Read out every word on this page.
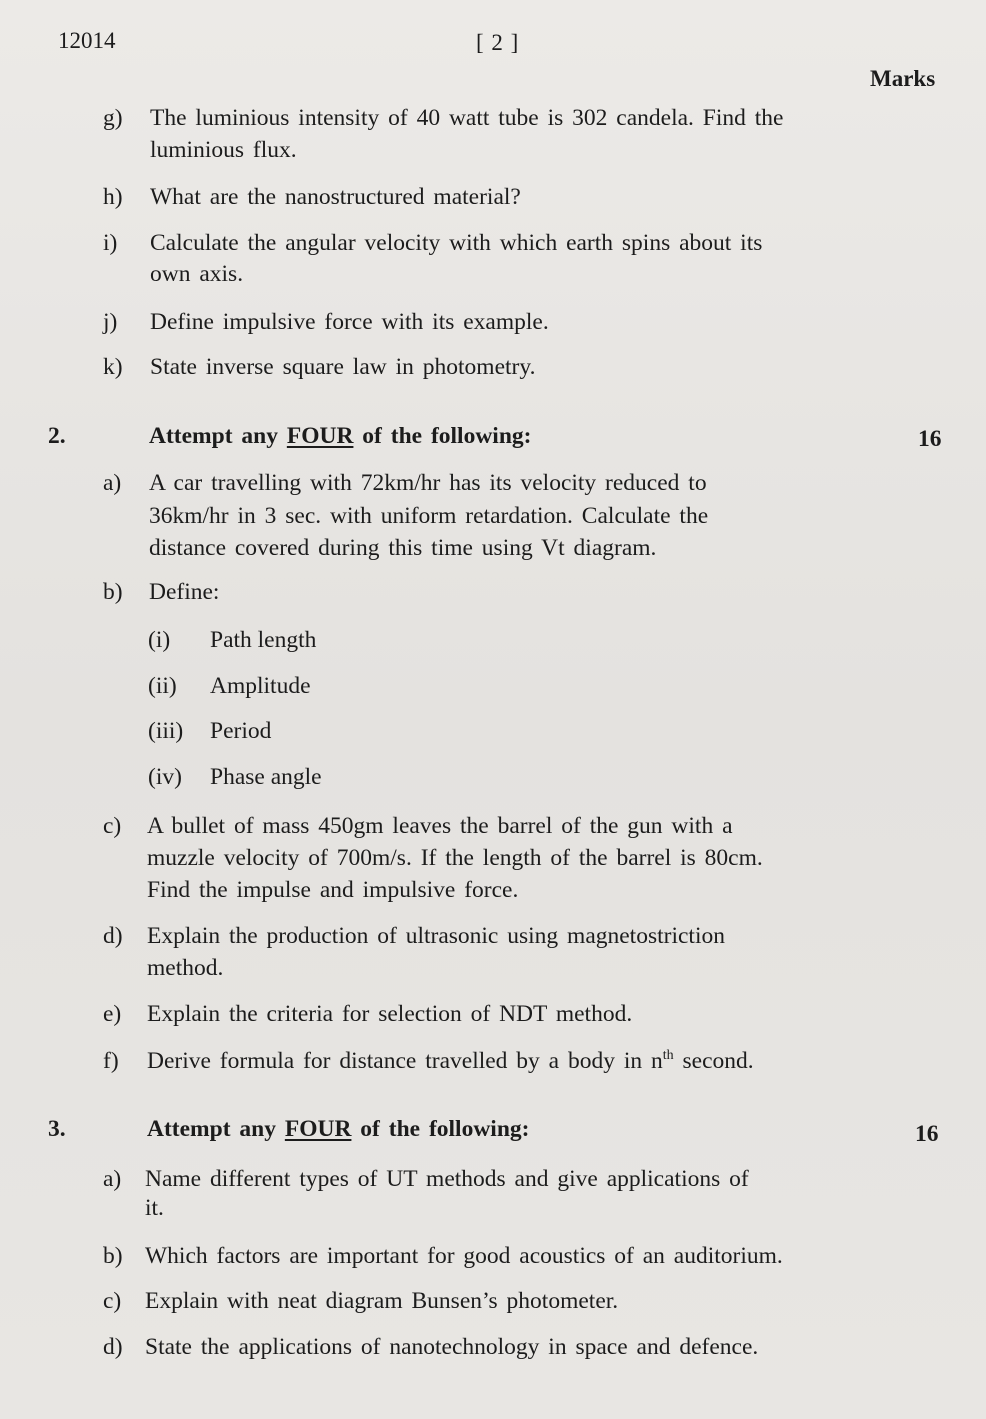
12014	[ 2 ]
Marks
g) The luminious intensity of 40 watt tube is 302 candela. Find the
luminious flux.
h) What are the nanostructured material?
i) Calculate the angular velocity with which earth spins about its
own axis.
j) Define impulsive force with its example.
k) State inverse square law in photometry.
2.	Attempt any FOUR of the following:	16
a) A car travelling with 72km/hr has its velocity reduced to
36km/hr in 3 sec. with uniform retardation. Calculate the
distance covered during this time using Vt diagram.
b) Define:
(i) Path length
(ii) Amplitude
(iii) Period
(iv) Phase angle
c) A bullet of mass 450gm leaves the barrel of the gun with a
muzzle velocity of 700m/s. If the length of the barrel is 80cm.
Find the impulse and impulsive force.
d) Explain the production of ultrasonic using magnetostriction
method.
e) Explain the criteria for selection of NDT method.
f) Derive formula for distance travelled by a body in $n^{th}$ second.
3.	Attempt any FOUR of the following:	16
a) Name different types of UT methods and give applications of
it.
b) Which factors are important for good acoustics of an auditorium.
c) Explain with neat diagram Bunsen’s photometer.
d) State the applications of nanotechnology in space and defence.
